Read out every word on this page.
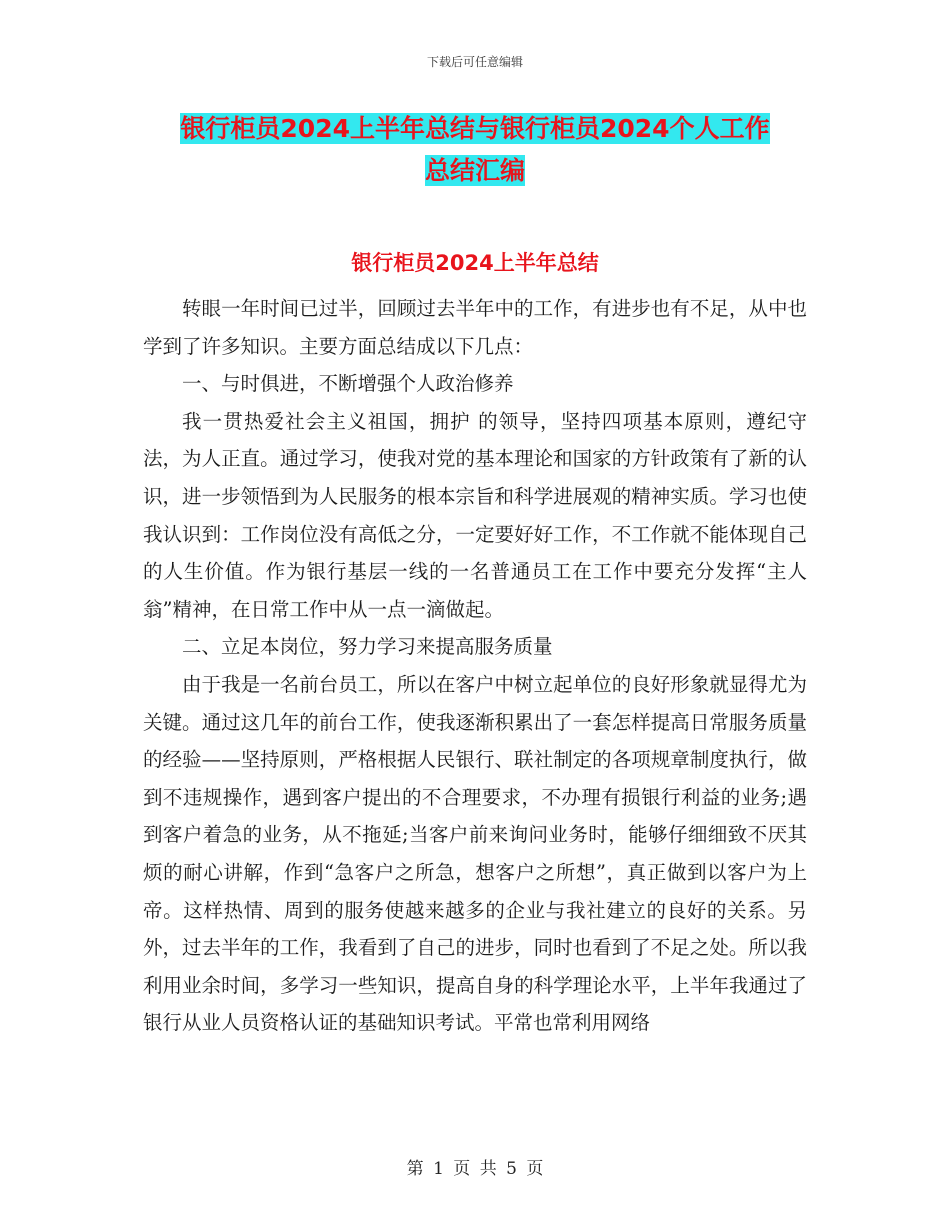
下载后可任意编辑
银行柜员2024上半年总结与银行柜员2024个人工作
总结汇编
银行柜员2024上半年总结

转眼一年时间已过半，回顾过去半年中的工作，有进步也有不足，从中也学到了许多知识。主要方面总结成以下几点：

一、与时俱进，不断增强个人政治修养

我一贯热爱社会主义祖国，拥护 的领导，坚持四项基本原则，遵纪守法，为人正直。通过学习，使我对党的基本理论和国家的方针政策有了新的认识，进一步领悟到为人民服务的根本宗旨和科学进展观的精神实质。学习也使我认识到：工作岗位没有高低之分，一定要好好工作，不工作就不能体现自己的人生价值。作为银行基层一线的一名普通员工在工作中要充分发挥“主人翁”精神，在日常工作中从一点一滴做起。

二、立足本岗位，努力学习来提高服务质量

由于我是一名前台员工，所以在客户中树立起单位的良好形象就显得尤为关键。通过这几年的前台工作，使我逐渐积累出了一套怎样提高日常服务质量的经验——坚持原则，严格根据人民银行、联社制定的各项规章制度执行，做到不违规操作，遇到客户提出的不合理要求，不办理有损银行利益的业务;遇到客户着急的业务，从不拖延;当客户前来询问业务时，能够仔细细致不厌其烦的耐心讲解，作到“急客户之所急，想客户之所想”，真正做到以客户为上帝。这样热情、周到的服务使越来越多的企业与我社建立的良好的关系。另外，过去半年的工作，我看到了自己的进步，同时也看到了不足之处。所以我利用业余时间，多学习一些知识，提高自身的科学理论水平，上半年我通过了银行从业人员资格认证的基础知识考试。平常也常利用网络

第 1 页 共 5 页
